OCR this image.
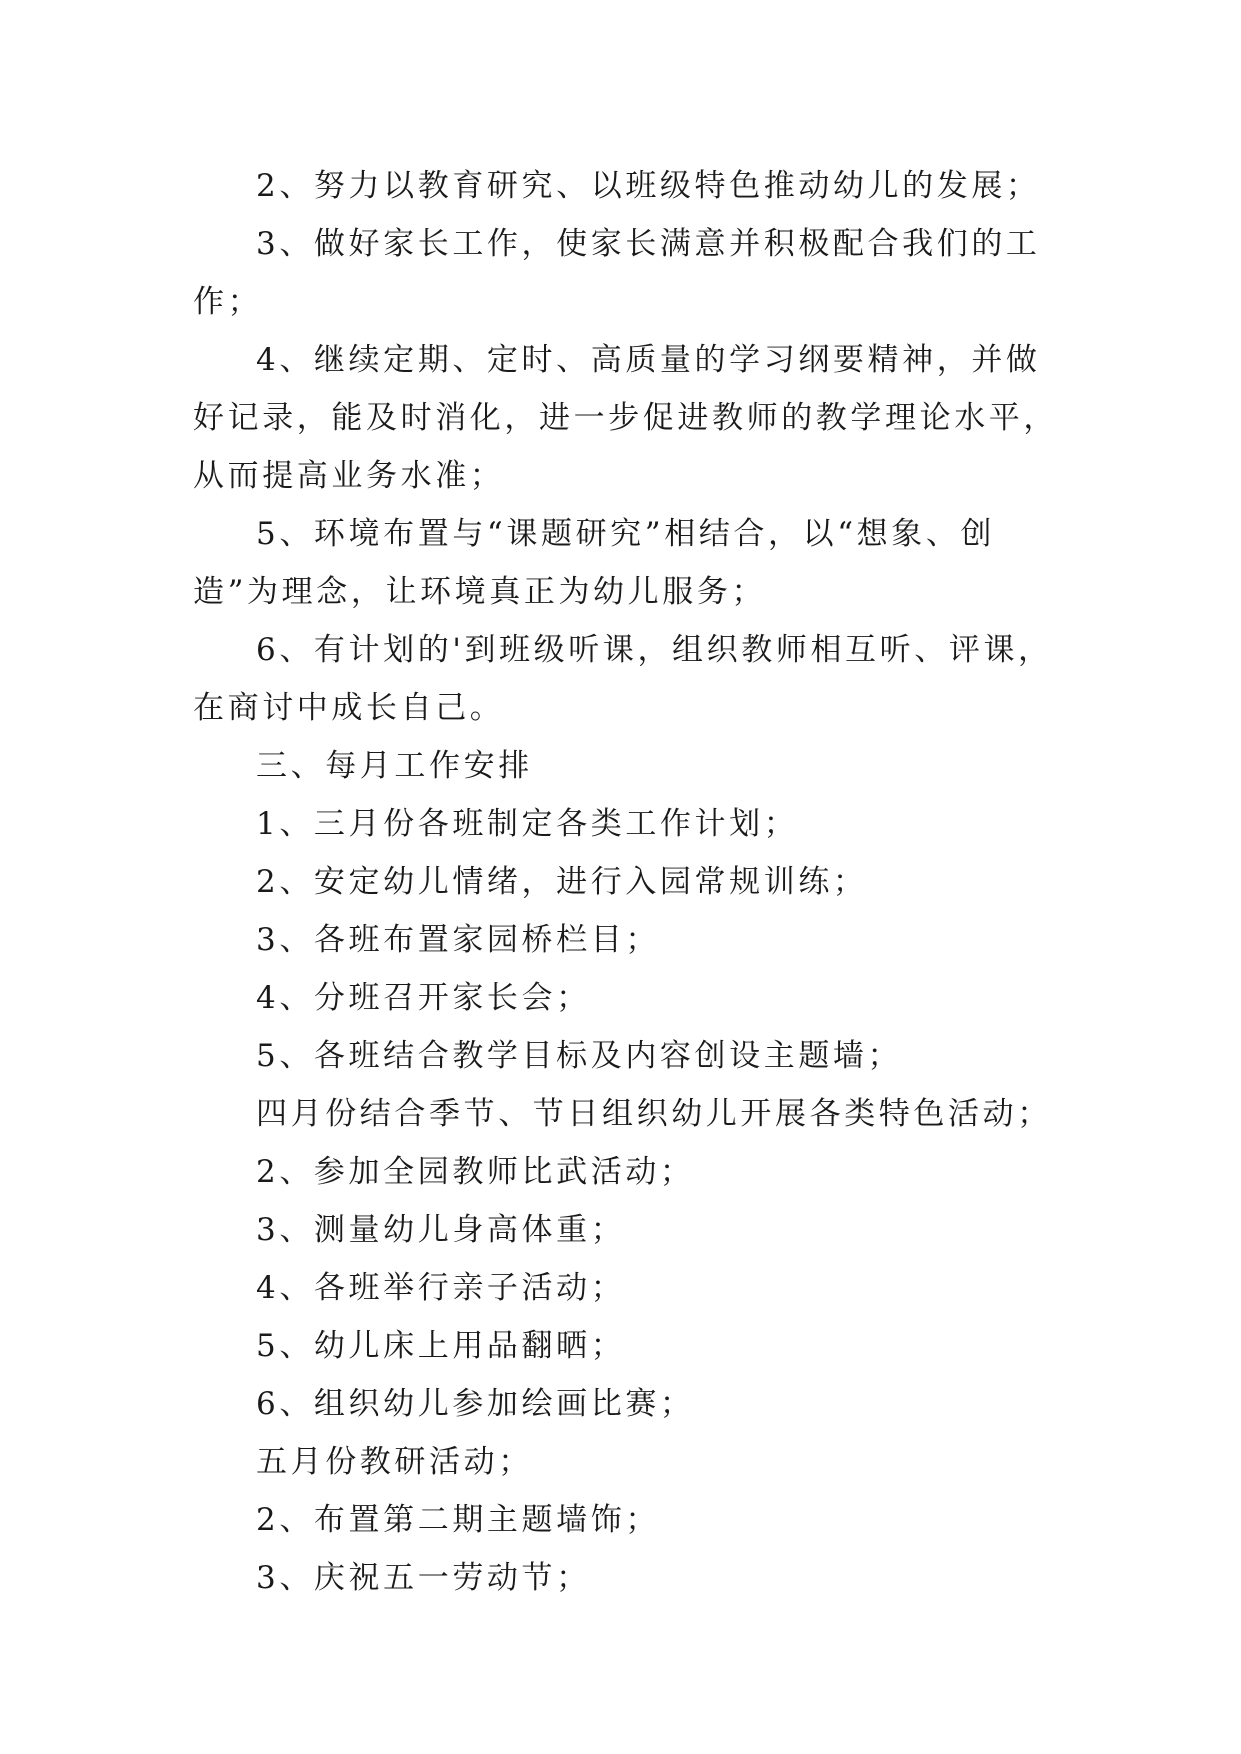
2、努力以教育研究、以班级特色推动幼儿的发展；

3、做好家长工作，使家长满意并积极配合我们的工作；

4、继续定期、定时、高质量的学习纲要精神，并做好记录，能及时消化，进一步促进教师的教学理论水平，从而提高业务水准；

5、环境布置与“课题研究”相结合，以“想象、创造”为理念，让环境真正为幼儿服务；

6、有计划的'到班级听课，组织教师相互听、评课，在商讨中成长自己。

三、每月工作安排

1、三月份各班制定各类工作计划；

2、安定幼儿情绪，进行入园常规训练；

3、各班布置家园桥栏目；

4、分班召开家长会；

5、各班结合教学目标及内容创设主题墙；

四月份结合季节、节日组织幼儿开展各类特色活动；

2、参加全园教师比武活动；

3、测量幼儿身高体重；

4、各班举行亲子活动；

5、幼儿床上用品翻晒；

6、组织幼儿参加绘画比赛；

五月份教研活动；

2、布置第二期主题墙饰；

3、庆祝五一劳动节；
